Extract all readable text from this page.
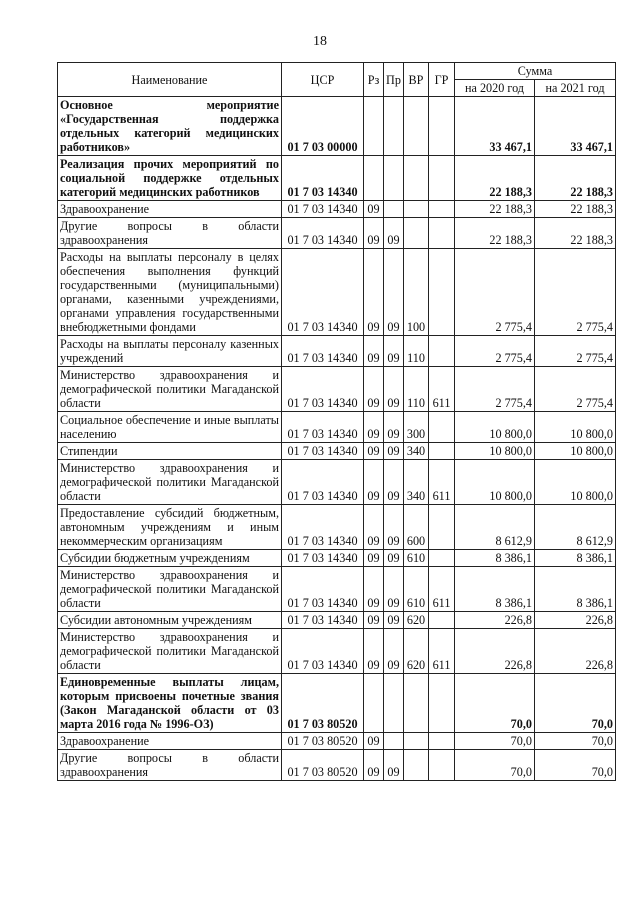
18
Наименование	ЦСР	Рз	Пр	ВР	ГР	Сумма	
						на 2020 год	на 2021 год
Основное мероприятие «Государственная поддержка отдельных категорий медицинских работников»	01 7 03 00000					33 467,1	33 467,1
Реализация прочих мероприятий по социальной поддержке отдельных категорий медицинских работников	01 7 03 14340					22 188,3	22 188,3
Здравоохранение	01 7 03 14340	09				22 188,3	22 188,3
Другие вопросы в области здравоохранения	01 7 03 14340	09	09			22 188,3	22 188,3
Расходы на выплаты персоналу в целях обеспечения выполнения функций государственными (муниципальными) органами, казенными учреждениями, органами управления государственными внебюджетными фондами	01 7 03 14340	09	09	100		2 775,4	2 775,4
Расходы на выплаты персоналу казенных учреждений	01 7 03 14340	09	09	110		2 775,4	2 775,4
Министерство здравоохранения и демографической политики Магаданской области	01 7 03 14340	09	09	110	611	2 775,4	2 775,4
Социальное обеспечение и иные выплаты населению	01 7 03 14340	09	09	300		10 800,0	10 800,0
Стипендии	01 7 03 14340	09	09	340		10 800,0	10 800,0
Министерство здравоохранения и демографической политики Магаданской области	01 7 03 14340	09	09	340	611	10 800,0	10 800,0
Предоставление субсидий бюджетным, автономным учреждениям и иным некоммерческим организациям	01 7 03 14340	09	09	600		8 612,9	8 612,9
Субсидии бюджетным учреждениям	01 7 03 14340	09	09	610		8 386,1	8 386,1
Министерство здравоохранения и демографической политики Магаданской области	01 7 03 14340	09	09	610	611	8 386,1	8 386,1
Субсидии автономным учреждениям	01 7 03 14340	09	09	620		226,8	226,8
Министерство здравоохранения и демографической политики Магаданской области	01 7 03 14340	09	09	620	611	226,8	226,8
Единовременные выплаты лицам, которым присвоены почетные звания (Закон Магаданской области от 03 марта 2016 года № 1996-ОЗ)	01 7 03 80520					70,0	70,0
Здравоохранение	01 7 03 80520	09				70,0	70,0
Другие вопросы в области здравоохранения	01 7 03 80520	09	09			70,0	70,0
